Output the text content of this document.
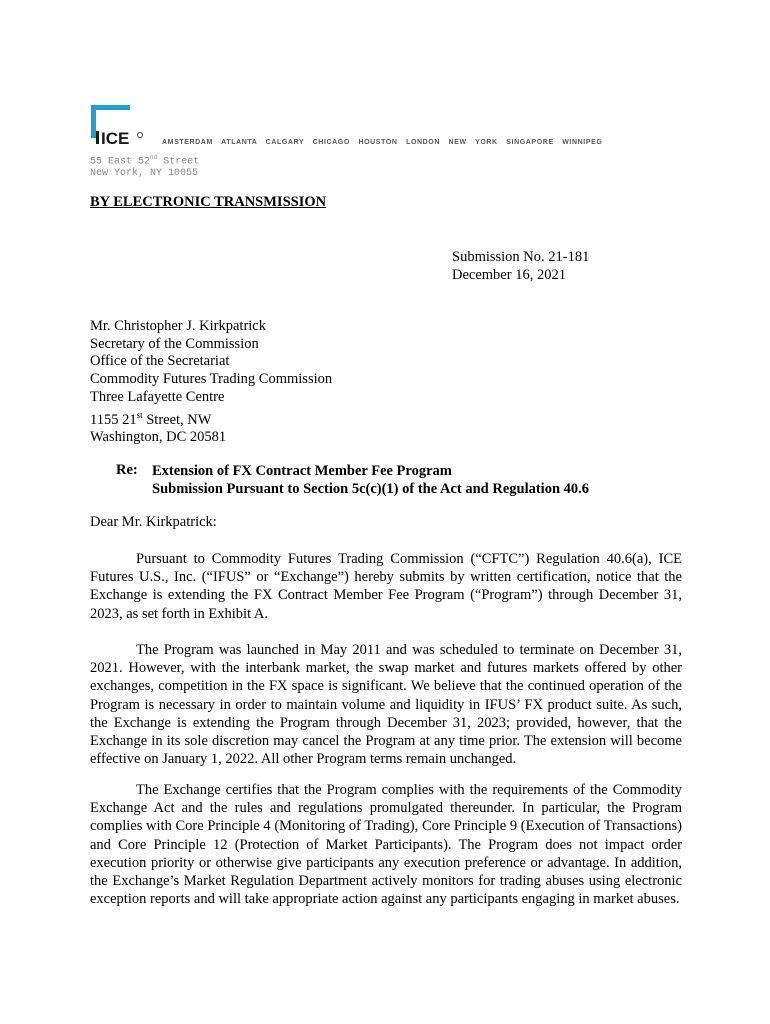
ICE	AMSTERDAM ATLANTA CALGARY CHICAGO HOUSTON LONDON NEW YORK SINGAPORE WINNIPEG
55 East 52nd Street
New York, NY 10055
BY ELECTRONIC TRANSMISSION
Submission No. 21-181
December 16, 2021
Mr. Christopher J. Kirkpatrick
Secretary of the Commission
Office of the Secretariat
Commodity Futures Trading Commission
Three Lafayette Centre
1155 21st Street, NW
Washington, DC 20581
Re: Extension of FX Contract Member Fee Program
Submission Pursuant to Section 5c(c)(1) of the Act and Regulation 40.6
Dear Mr. Kirkpatrick:
Pursuant to Commodity Futures Trading Commission (“CFTC”) Regulation 40.6(a), ICE Futures U.S., Inc. (“IFUS” or “Exchange”) hereby submits by written certification, notice that the Exchange is extending the FX Contract Member Fee Program (“Program”) through December 31, 2023, as set forth in Exhibit A.
The Program was launched in May 2011 and was scheduled to terminate on December 31, 2021. However, with the interbank market, the swap market and futures markets offered by other exchanges, competition in the FX space is significant. We believe that the continued operation of the Program is necessary in order to maintain volume and liquidity in IFUS’ FX product suite. As such, the Exchange is extending the Program through December 31, 2023; provided, however, that the Exchange in its sole discretion may cancel the Program at any time prior. The extension will become effective on January 1, 2022. All other Program terms remain unchanged.
The Exchange certifies that the Program complies with the requirements of the Commodity Exchange Act and the rules and regulations promulgated thereunder. In particular, the Program complies with Core Principle 4 (Monitoring of Trading), Core Principle 9 (Execution of Transactions) and Core Principle 12 (Protection of Market Participants). The Program does not impact order execution priority or otherwise give participants any execution preference or advantage. In addition, the Exchange’s Market Regulation Department actively monitors for trading abuses using electronic exception reports and will take appropriate action against any participants engaging in market abuses.
